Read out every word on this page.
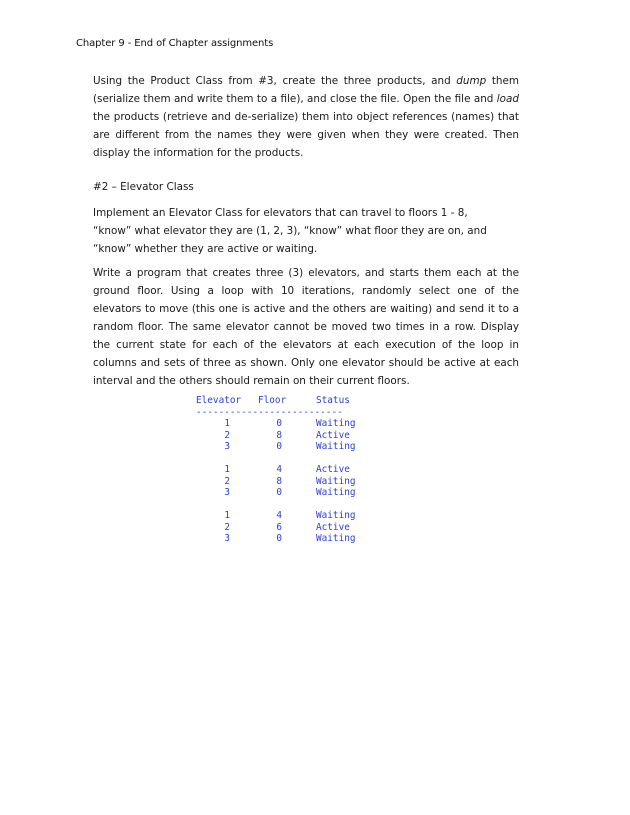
Chapter 9 - End of Chapter assignments

Using the Product Class from #3, create the three products, and dump them (serialize them and write them to a file), and close the file. Open the file and load the products (retrieve and de-serialize) them into object references (names) that are different from the names they were given when they were created. Then display the information for the products.

#2 – Elevator Class

Implement an Elevator Class for elevators that can travel to floors 1 - 8,
“know” what elevator they are (1, 2, 3), “know” what floor they are on, and
“know” whether they are active or waiting.

Write a program that creates three (3) elevators, and starts them each at the ground floor. Using a loop with 10 iterations, randomly select one of the elevators to move (this one is active and the others are waiting) and send it to a random floor. The same elevator cannot be moved two times in a row. Display the current state for each of the elevators at each execution of the loop in columns and sets of three as shown. Only one elevator should be active at each interval and the others should remain on their current floors.

Elevator	Floor	Status
--------------------------
1	0	Waiting
2	8	Active
3	0	Waiting
1	4	Active
2	8	Waiting
3	0	Waiting
1	4	Waiting
2	6	Active
3	0	Waiting
